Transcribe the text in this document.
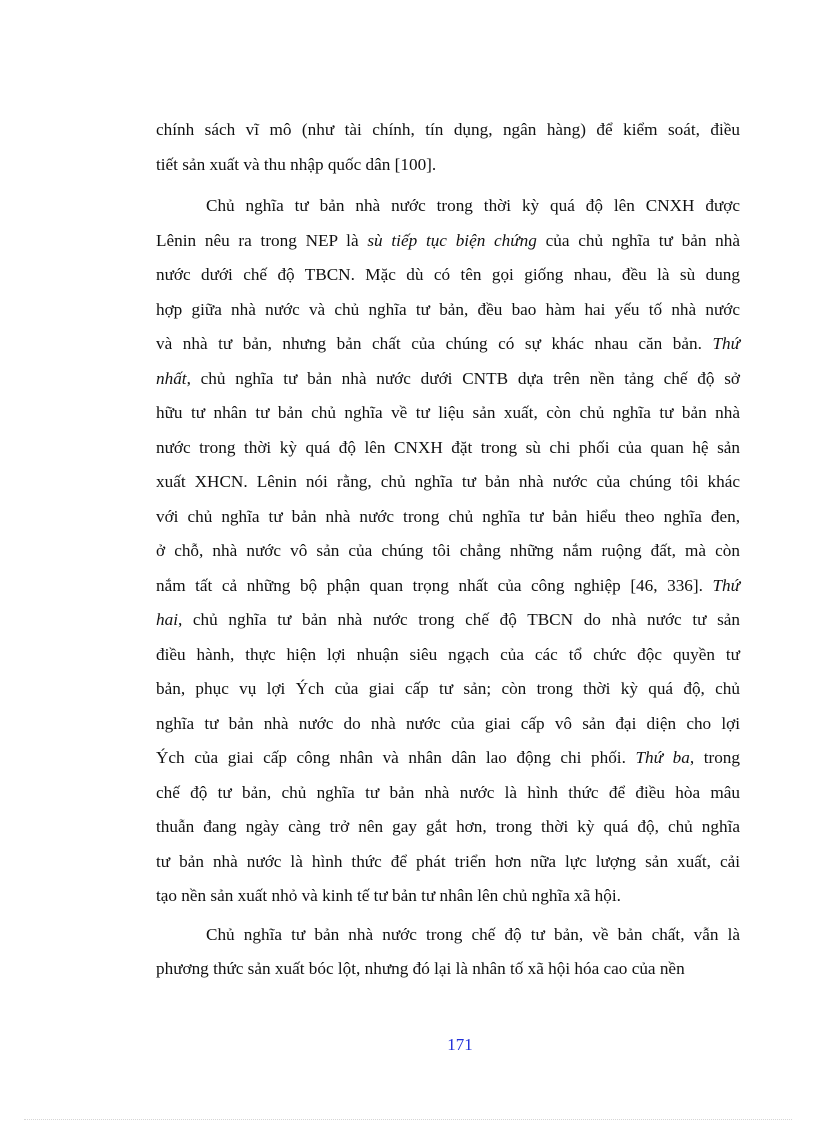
chính sách vĩ mô (như tài chính, tín dụng, ngân hàng) để kiểm soát, điều
tiết sản xuất và thu nhập quốc dân [100].
Chủ nghĩa tư bản nhà nước trong thời kỳ quá độ lên CNXH được
Lênin nêu ra trong NEP là sù tiếp tục biện chứng của chủ nghĩa tư bản nhà
nước dưới chế độ TBCN. Mặc dù có tên gọi giống nhau, đều là sù dung
hợp giữa nhà nước và chủ nghĩa tư bản, đều bao hàm hai yếu tố nhà nước
và nhà tư bản, nhưng bản chất của chúng có sự khác nhau căn bản. Thứ
nhất, chủ nghĩa tư bản nhà nước dưới CNTB dựa trên nền tảng chế độ sở
hữu tư nhân tư bản chủ nghĩa về tư liệu sản xuất, còn chủ nghĩa tư bản nhà
nước trong thời kỳ quá độ lên CNXH đặt trong sù chi phối của quan hệ sản
xuất XHCN. Lênin nói rằng, chủ nghĩa tư bản nhà nước của chúng tôi khác
với chủ nghĩa tư bản nhà nước trong chủ nghĩa tư bản hiểu theo nghĩa đen,
ở chỗ, nhà nước vô sản của chúng tôi chẳng những nắm ruộng đất, mà còn
nắm tất cả những bộ phận quan trọng nhất của công nghiệp [46, 336]. Thứ
hai, chủ nghĩa tư bản nhà nước trong chế độ TBCN do nhà nước tư sản
điều hành, thực hiện lợi nhuận siêu ngạch của các tổ chức độc quyền tư
bản, phục vụ lợi Ých của giai cấp tư sản; còn trong thời kỳ quá độ, chủ
nghĩa tư bản nhà nước do nhà nước của giai cấp vô sản đại diện cho lợi
Ých của giai cấp công nhân và nhân dân lao động chi phối. Thứ ba, trong
chế độ tư bản, chủ nghĩa tư bản nhà nước là hình thức để điều hòa mâu
thuẫn đang ngày càng trở nên gay gắt hơn, trong thời kỳ quá độ, chủ nghĩa
tư bản nhà nước là hình thức để phát triển hơn nữa lực lượng sản xuất, cải
tạo nền sản xuất nhỏ và kinh tế tư bản tư nhân lên chủ nghĩa xã hội.
Chủ nghĩa tư bản nhà nước trong chế độ tư bản, về bản chất, vẫn là
phương thức sản xuất bóc lột, nhưng đó lại là nhân tố xã hội hóa cao của nền
171
